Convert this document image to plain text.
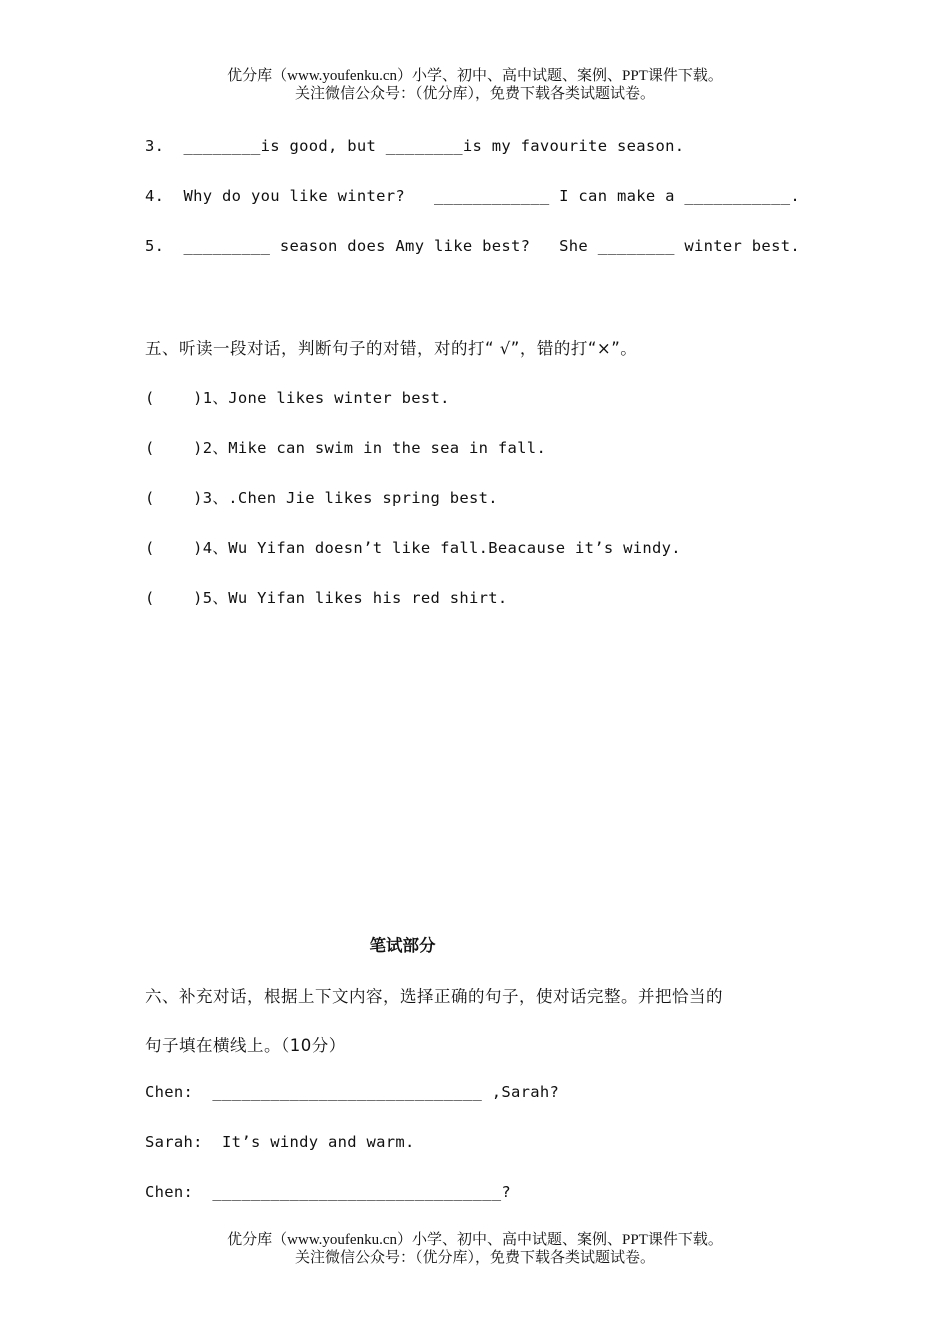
优分库（www.youfenku.cn）小学、初中、高中试题、案例、PPT课件下载。
关注微信公众号：（优分库），免费下载各类试题试卷。
3.  ________is good, but ________is my favourite season.
4.  Why do you like winter?   ____________ I can make a ___________.
5.  _________ season does Amy like best?   She ________ winter best.
五、听读一段对话，判断句子的对错，对的打“ √”，错的打“×”。
(    )1、Jone likes winter best.
(    )2、Mike can swim in the sea in fall.
(    )3、.Chen Jie likes spring best.
(    )4、Wu Yifan doesn’t like fall.Beacause it’s windy.
(    )5、Wu Yifan likes his red shirt.
笔试部分
六、补充对话，根据上下文内容，选择正确的句子，使对话完整。并把恰当的
句子填在横线上。（10分）
Chen:  ____________________________ ,Sarah?
Sarah:  It’s windy and warm.
Chen:  ______________________________?
优分库（www.youfenku.cn）小学、初中、高中试题、案例、PPT课件下载。
关注微信公众号：（优分库），免费下载各类试题试卷。
